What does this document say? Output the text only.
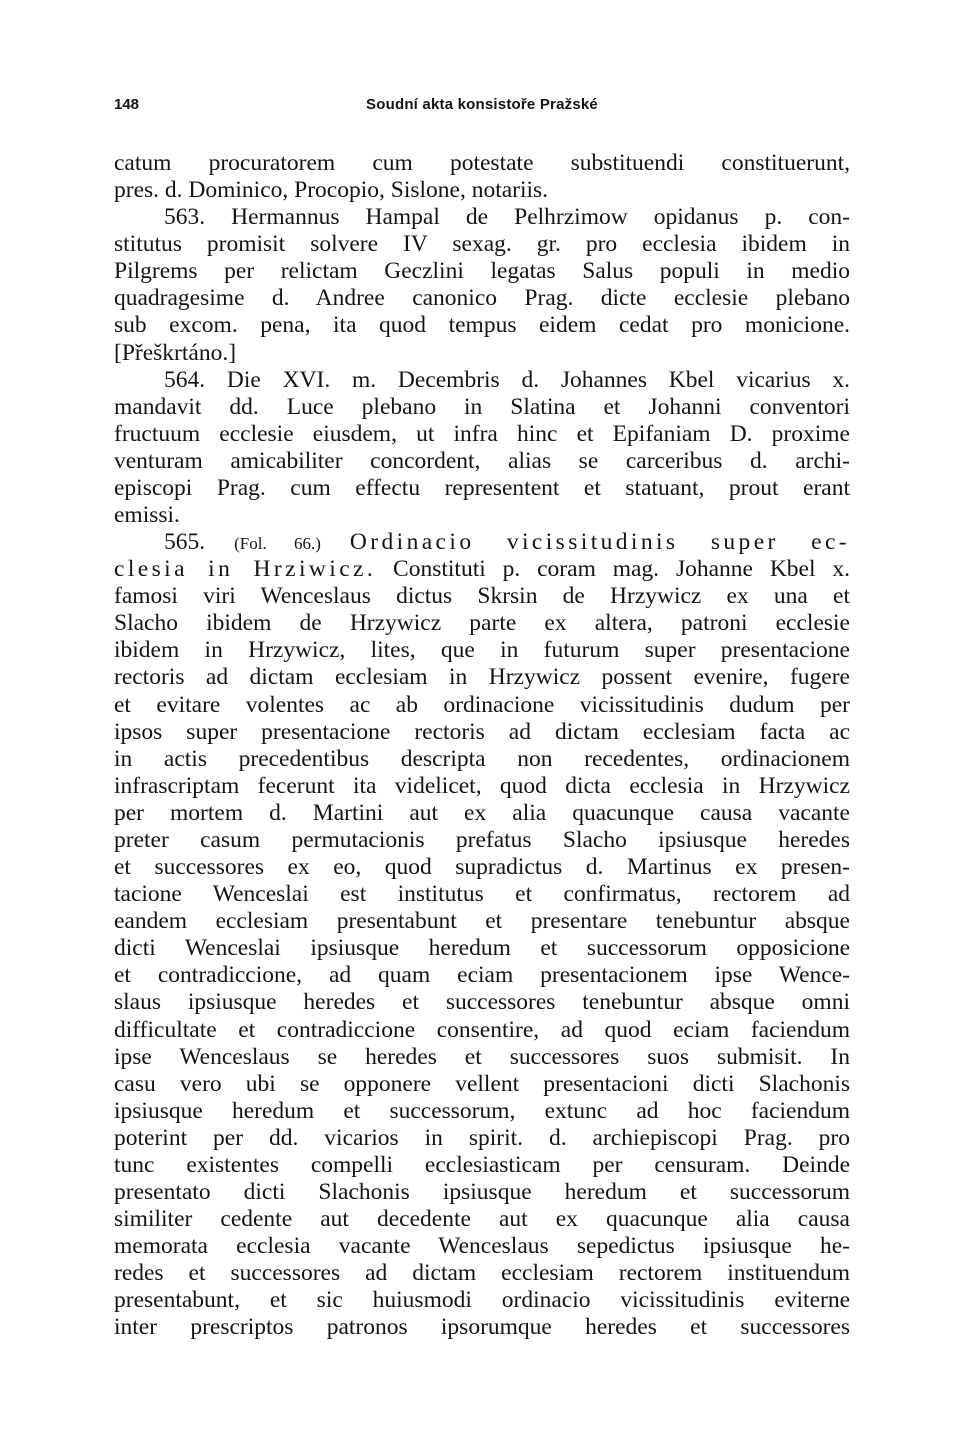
148	Soudní akta konsistoře Pražské
catum procuratorem cum potestate substituendi constituerunt,
pres. d. Dominico, Procopio, Sislone, notariis.
563. Hermannus Hampal de Pelhrzimow opidanus p. con-
stitutus promisit solvere IV sexag. gr. pro ecclesia ibidem in
Pilgrems per relictam Geczlini legatas Salus populi in medio
quadragesime d. Andree canonico Prag. dicte ecclesie plebano
sub excom. pena, ita quod tempus eidem cedat pro monicione.
[Přeškrtáno.]
564. Die XVI. m. Decembris d. Johannes Kbel vicarius x.
mandavit dd. Luce plebano in Slatina et Johanni conventori
fructuum ecclesie eiusdem, ut infra hinc et Epifaniam D. proxime
venturam amicabiliter concordent, alias se carceribus d. archi-
episcopi Prag. cum effectu representent et statuant, prout erant
emissi.
565. (Fol. 66.) Ordinacio vicissitudinis super ec-
clesia in Hrziwicz. Constituti p. coram mag. Johanne Kbel x.
famosi viri Wenceslaus dictus Skrsin de Hrzywicz ex una et
Slacho ibidem de Hrzywicz parte ex altera, patroni ecclesie
ibidem in Hrzywicz, lites, que in futurum super presentacione
rectoris ad dictam ecclesiam in Hrzywicz possent evenire, fugere
et evitare volentes ac ab ordinacione vicissitudinis dudum per
ipsos super presentacione rectoris ad dictam ecclesiam facta ac
in actis precedentibus descripta non recedentes, ordinacionem
infrascriptam fecerunt ita videlicet, quod dicta ecclesia in Hrzywicz
per mortem d. Martini aut ex alia quacunque causa vacante
preter casum permutacionis prefatus Slacho ipsiusque heredes
et successores ex eo, quod supradictus d. Martinus ex presen-
tacione Wenceslai est institutus et confirmatus, rectorem ad
eandem ecclesiam presentabunt et presentare tenebuntur absque
dicti Wenceslai ipsiusque heredum et successorum opposicione
et contradiccione, ad quam eciam presentacionem ipse Wence-
slaus ipsiusque heredes et successores tenebuntur absque omni
difficultate et contradiccione consentire, ad quod eciam faciendum
ipse Wenceslaus se heredes et successores suos submisit. In
casu vero ubi se opponere vellent presentacioni dicti Slachonis
ipsiusque heredum et successorum, extunc ad hoc faciendum
poterint per dd. vicarios in spirit. d. archiepiscopi Prag. pro
tunc existentes compelli ecclesiasticam per censuram. Deinde
presentato dicti Slachonis ipsiusque heredum et successorum
similiter cedente aut decedente aut ex quacunque alia causa
memorata ecclesia vacante Wenceslaus sepedictus ipsiusque he-
redes et successores ad dictam ecclesiam rectorem instituendum
presentabunt, et sic huiusmodi ordinacio vicissitudinis eviterne
inter prescriptos patronos ipsorumque heredes et successores
